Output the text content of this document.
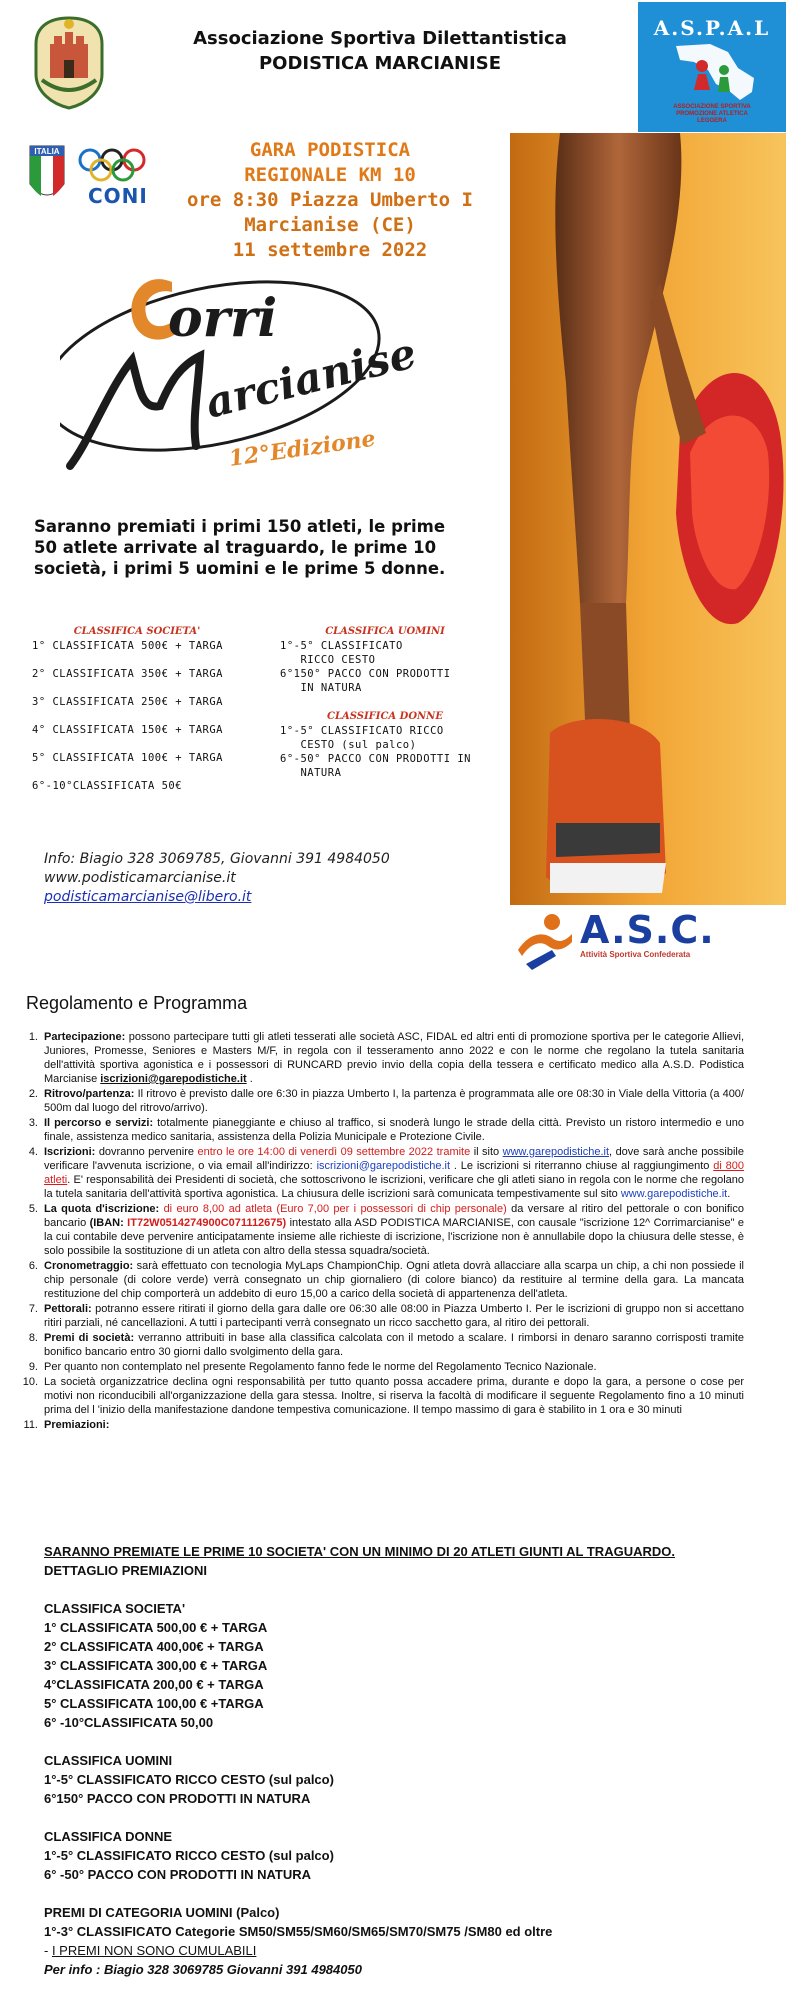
Associazione Sportiva Dilettantistica
PODISTICA MARCIANISE
A.S.P.A.L
ASSOCIAZIONE SPORTIVA PROMOZIONE ATLETICA LEGGERA
ITALIA
CONI
GARA PODISTICA
REGIONALE KM 10
ore 8:30 Piazza Umberto I
Marcianise (CE)
11 settembre 2022
orri
arcianise
12°Edizione
Saranno premiati i primi 150 atleti, le prime 50 atlete arrivate al traguardo, le prime 10 società, i primi 5 uomini e le prime 5 donne.
CLASSIFICA SOCIETA'
1° CLASSIFICATA 500€ + TARGA
2° CLASSIFICATA 350€ + TARGA
3° CLASSIFICATA 250€ + TARGA
4° CLASSIFICATA 150€ + TARGA
5° CLASSIFICATA 100€ + TARGA
6°-10°CLASSIFICATA 50€
CLASSIFICA UOMINI
1°-5° CLASSIFICATO
RICCO CESTO
6°150° PACCO CON PRODOTTI
IN NATURA
CLASSIFICA DONNE
1°-5° CLASSIFICATO RICCO
CESTO (sul palco)
6°-50° PACCO CON PRODOTTI IN
NATURA
Info: Biagio 328 3069785, Giovanni 391 4984050
www.podisticamarcianise.it
podisticamarcianise@libero.it
A.S.C.
Attività Sportiva Confederata
Regolamento e Programma
1. Partecipazione: possono partecipare tutti gli atleti tesserati alle società ASC, FIDAL ed altri enti di promozione sportiva per le categorie Allievi, Juniores, Promesse, Seniores e Masters M/F, in regola con il tesseramento anno 2022 e con le norme che regolano la tutela sanitaria dell'attività sportiva agonistica e i possessori di RUNCARD previo invio della copia della tessera e certificato medico alla A.S.D. Podistica Marcianise iscrizioni@garepodistiche.it .
2. Ritrovo/partenza: Il ritrovo è previsto dalle ore 6:30 in piazza Umberto I, la partenza è programmata alle ore 08:30 in Viale della Vittoria (a 400/ 500m dal luogo del ritrovo/arrivo).
3. Il percorso e servizi: totalmente pianeggiante e chiuso al traffico, si snoderà lungo le strade della città. Previsto un ristoro intermedio e uno finale, assistenza medico sanitaria, assistenza della Polizia Municipale e Protezione Civile.
4. Iscrizioni: dovranno pervenire entro le ore 14:00 di venerdì 09 settembre 2022 tramite il sito www.garepodistiche.it, dove sarà anche possibile verificare l'avvenuta iscrizione, o via email all'indirizzo: iscrizioni@garepodistiche.it . Le iscrizioni si riterranno chiuse al raggiungimento di 800 atleti. E' responsabilità dei Presidenti di società, che sottoscrivono le iscrizioni, verificare che gli atleti siano in regola con le norme che regolano la tutela sanitaria dell'attività sportiva agonistica. La chiusura delle iscrizioni sarà comunicata tempestivamente sul sito www.garepodistiche.it.
5. La quota d'iscrizione: di euro 8,00 ad atleta (Euro 7,00 per i possessori di chip personale) da versare al ritiro del pettorale o con bonifico bancario (IBAN: IT72W0514274900C071112675) intestato alla ASD PODISTICA MARCIANISE, con causale "iscrizione 12^ Corrimarcianise" e la cui contabile deve pervenire anticipatamente insieme alle richieste di iscrizione, l'iscrizione non è annullabile dopo la chiusura delle stesse, è solo possibile la sostituzione di un atleta con altro della stessa squadra/società.
6. Cronometraggio: sarà effettuato con tecnologia MyLaps ChampionChip. Ogni atleta dovrà allacciare alla scarpa un chip, a chi non possiede il chip personale (di colore verde) verrà consegnato un chip giornaliero (di colore bianco) da restituire al termine della gara. La mancata restituzione del chip comporterà un addebito di euro 15,00 a carico della società di appartenenza dell'atleta.
7. Pettorali: potranno essere ritirati il giorno della gara dalle ore 06:30 alle 08:00 in Piazza Umberto I. Per le iscrizioni di gruppo non si accettano ritiri parziali, né cancellazioni. A tutti i partecipanti verrà consegnato un ricco sacchetto gara, al ritiro dei pettorali.
8. Premi di società: verranno attribuiti in base alla classifica calcolata con il metodo a scalare. I rimborsi in denaro saranno corrisposti tramite bonifico bancario entro 30 giorni dallo svolgimento della gara.
9. Per quanto non contemplato nel presente Regolamento fanno fede le norme del Regolamento Tecnico Nazionale.
10. La società organizzatrice declina ogni responsabilità per tutto quanto possa accadere prima, durante e dopo la gara, a persone o cose per motivi non riconducibili all'organizzazione della gara stessa. Inoltre, si riserva la facoltà di modificare il seguente Regolamento fino a 10 minuti prima del l 'inizio della manifestazione dandone tempestiva comunicazione. Il tempo massimo di gara è stabilito in 1 ora e 30 minuti
11. Premiazioni:
SARANNO PREMIATE LE PRIME 10 SOCIETA' CON UN MINIMO DI 20 ATLETI GIUNTI AL TRAGUARDO.
DETTAGLIO PREMIAZIONI
CLASSIFICA SOCIETA'
1° CLASSIFICATA 500,00 € + TARGA
2° CLASSIFICATA 400,00€ + TARGA
3° CLASSIFICATA 300,00 € + TARGA
4°CLASSIFICATA 200,00 € + TARGA
5° CLASSIFICATA 100,00 € +TARGA
6° -10°CLASSIFICATA 50,00
CLASSIFICA UOMINI
1°-5° CLASSIFICATO RICCO CESTO (sul palco)
6°150° PACCO CON PRODOTTI IN NATURA
CLASSIFICA DONNE
1°-5° CLASSIFICATO RICCO CESTO (sul palco)
6° -50° PACCO CON PRODOTTI IN NATURA
PREMI DI CATEGORIA UOMINI (Palco)
1°-3° CLASSIFICATO Categorie SM50/SM55/SM60/SM65/SM70/SM75 /SM80 ed oltre
- I PREMI NON SONO CUMULABILI
Per info : Biagio 328 3069785 Giovanni 391 4984050
